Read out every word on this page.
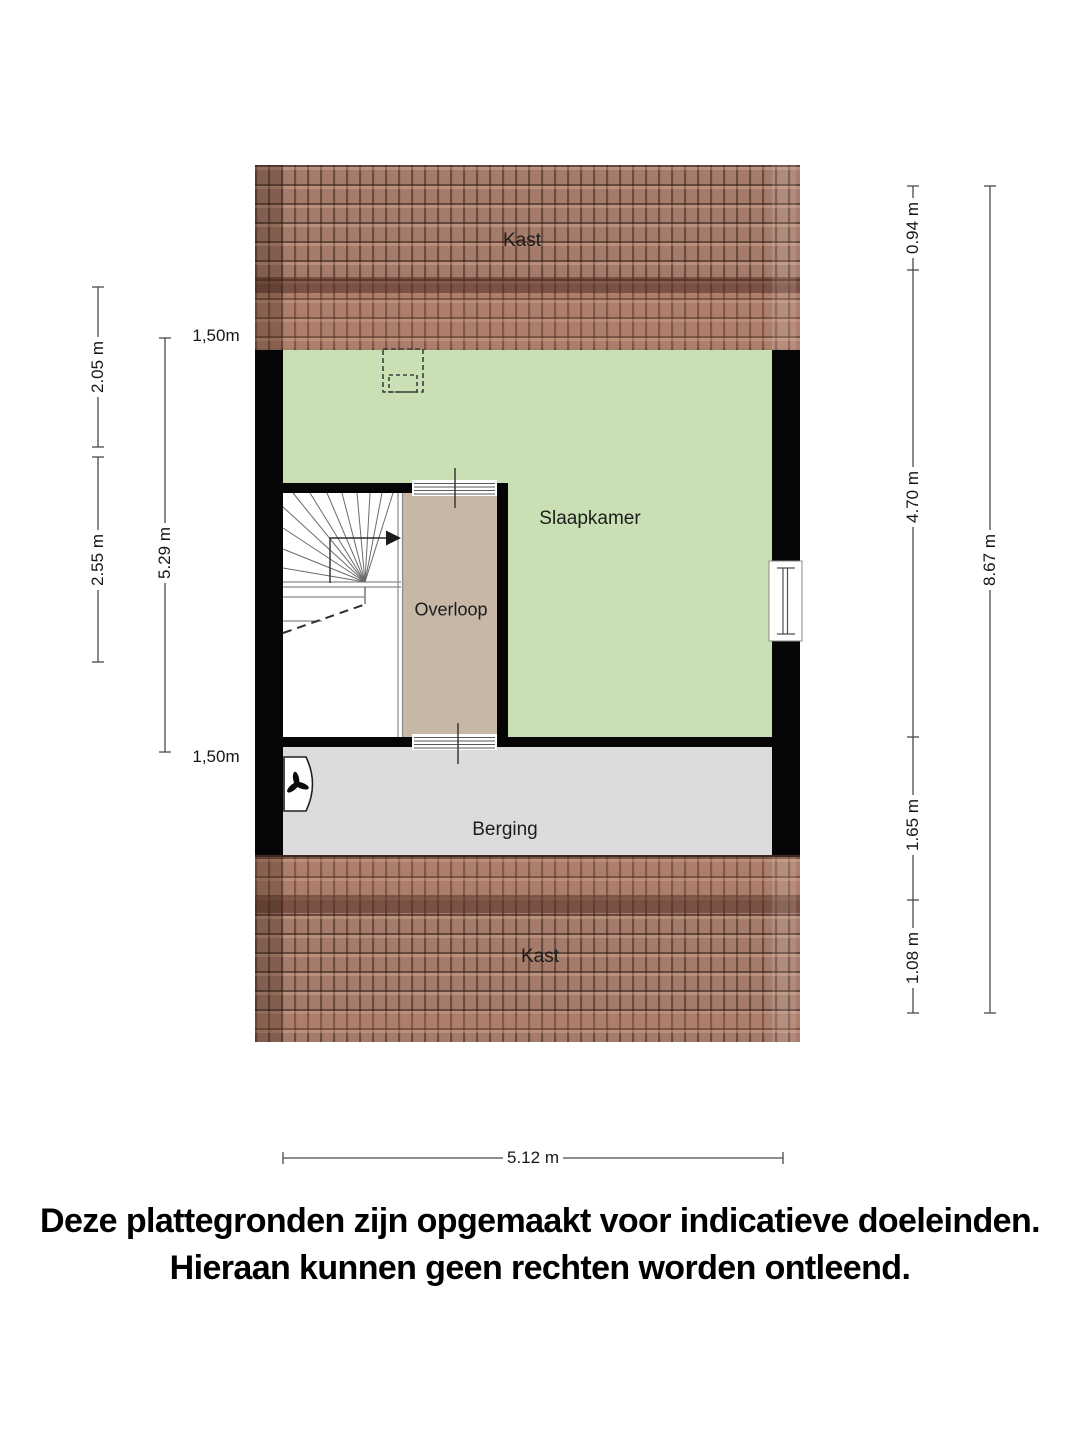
Kast
Slaapkamer
Overloop
Berging
Kast
2.05 m
2.55 m	5.29 m
1,50m
1,50m
0.94 m
4.70 m
1.65 m
1.08 m
8.67 m
5.12 m
Deze plattegronden zijn opgemaakt voor indicatieve doeleinden.
Hieraan kunnen geen rechten worden ontleend.
